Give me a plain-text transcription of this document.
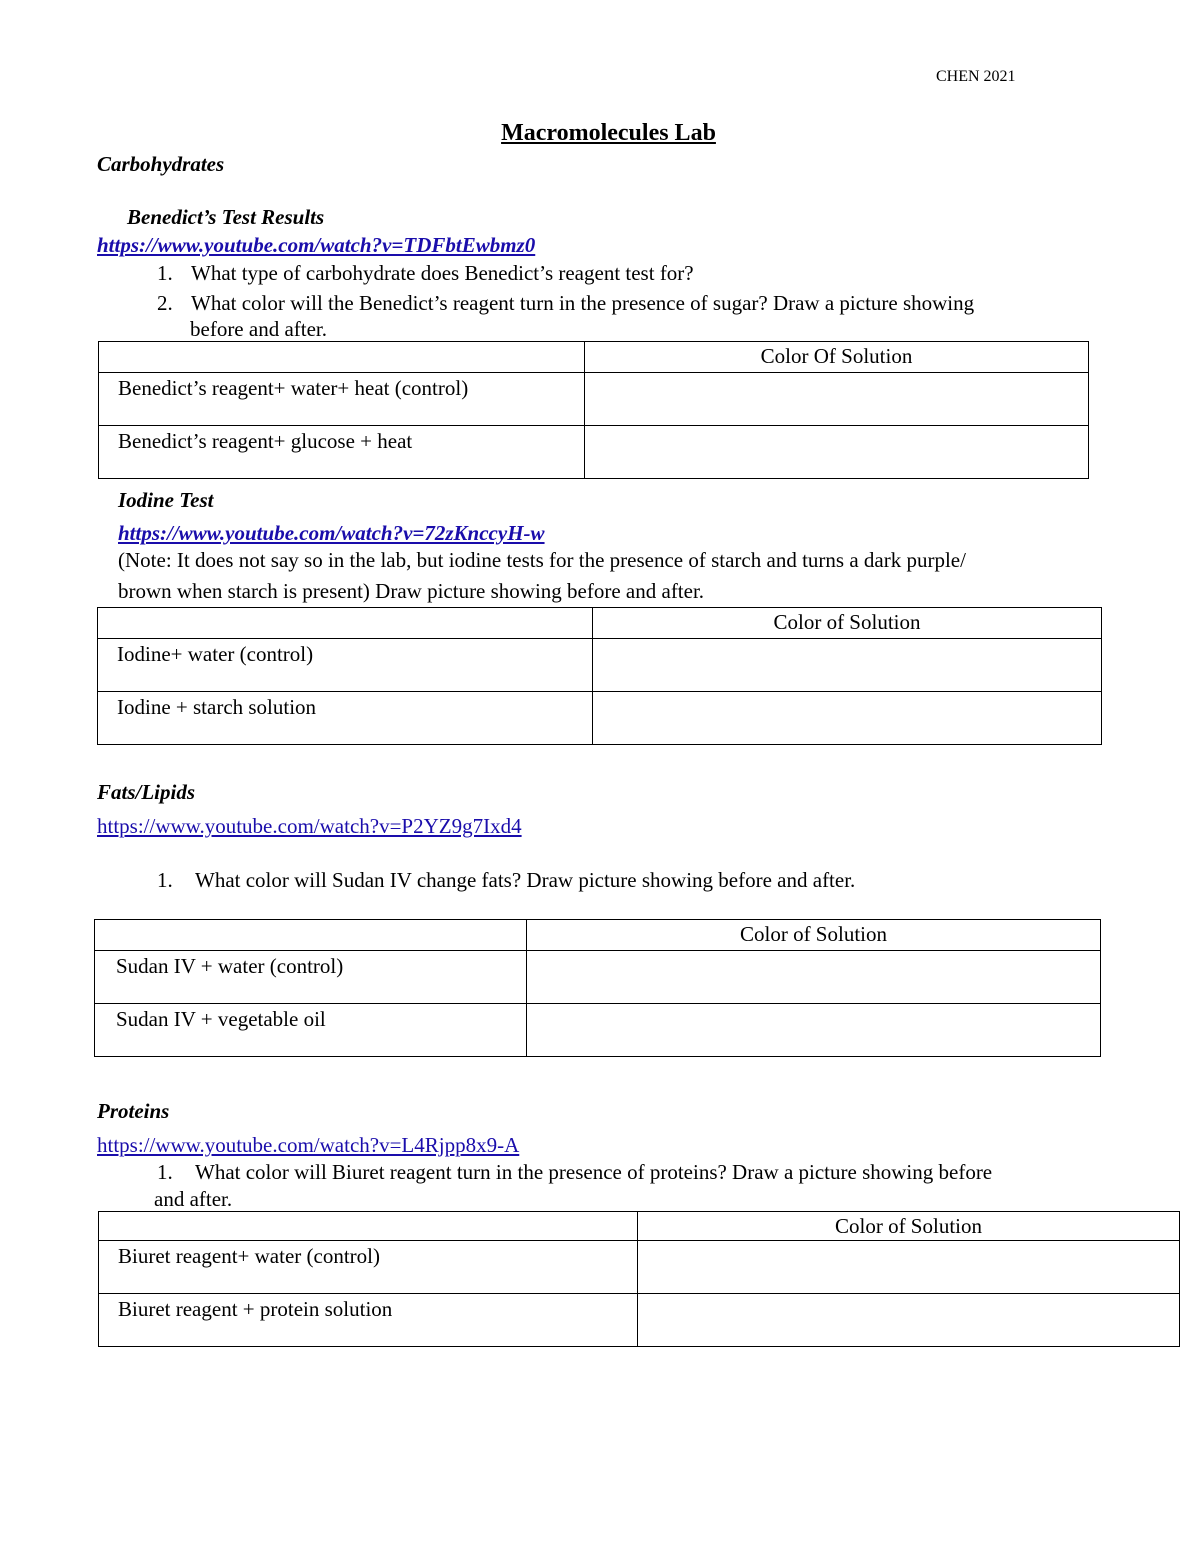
CHEN 2021
Macromolecules Lab
Carbohydrates
Benedict’s Test Results
https://www.youtube.com/watch?v=TDFbtEwbmz0
1. What type of carbohydrate does Benedict’s reagent test for?
2. What color will the Benedict’s reagent turn in the presence of sugar? Draw a picture showing
before and after.
	Color Of Solution
Benedict’s reagent+ water+ heat (control)	
Benedict’s reagent+ glucose + heat	
Iodine Test
https://www.youtube.com/watch?v=72zKnccyH-w
(Note: It does not say so in the lab, but iodine tests for the presence of starch and turns a dark purple/
brown when starch is present) Draw picture showing before and after.
	Color of Solution
Iodine+ water (control)	
Iodine + starch solution	
Fats/Lipids
https://www.youtube.com/watch?v=P2YZ9g7Ixd4
1.	What color will Sudan IV change fats? Draw picture showing before and after.
	Color of Solution
Sudan IV + water (control)	
Sudan IV + vegetable oil	
Proteins
https://www.youtube.com/watch?v=L4Rjpp8x9-A
1.	What color will Biuret reagent turn in the presence of proteins? Draw a picture showing before
and after.
	Color of Solution
Biuret reagent+ water (control)	
Biuret reagent + protein solution	
